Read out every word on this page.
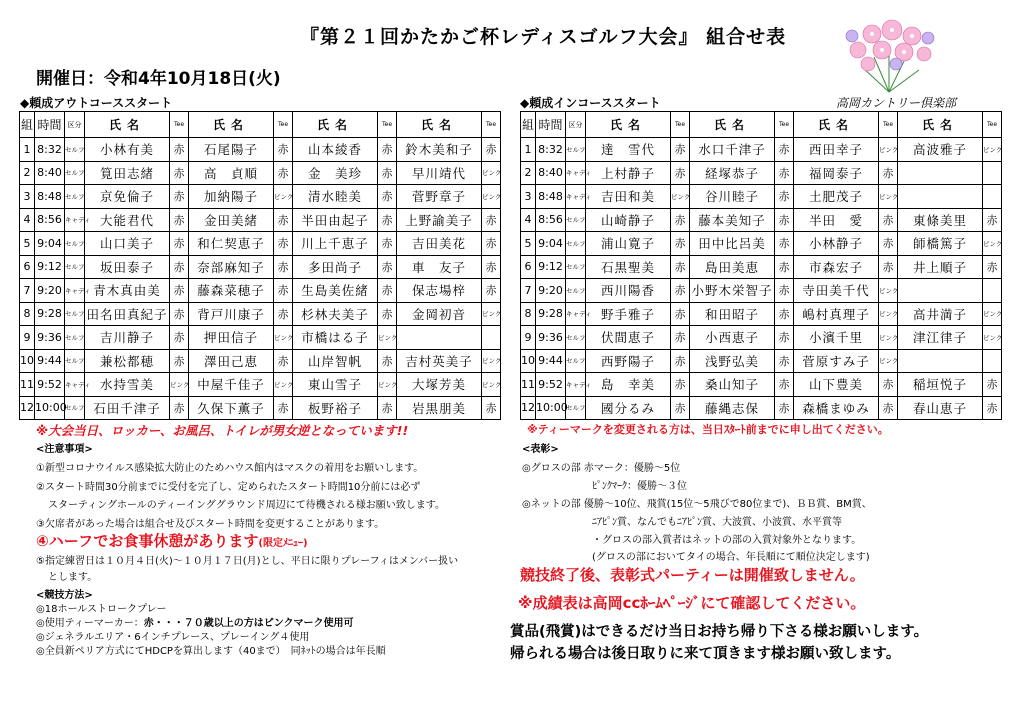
『第２１回かたかご杯レディスゴルフ大会』 組合せ表
開催日：令和4年10月18日(火)
◆頼成アウトコーススタート	◆頼成インコーススタート	高岡カントリー倶楽部
組	時間	区分	氏名	Tee	氏名	Tee	氏名	Tee	氏名	Tee
1	8:32	セルフ	小林有美	赤	石尾陽子	赤	山本綾香	赤	鈴木美和子	赤
2	8:40	セルフ	筧田志緒	赤	高　貞順	赤	金　美珍	赤	早川靖代	ピンク
3	8:48	セルフ	京免倫子	赤	加納陽子	ピンク	清水睦美	赤	菅野章子	ピンク
4	8:56	キャディ	大能君代	赤	金田美緒	赤	半田由起子	赤	上野諭美子	赤
5	9:04	セルフ	山口美子	赤	和仁契恵子	赤	川上千恵子	赤	吉田美花	赤
6	9:12	セルフ	坂田泰子	赤	奈部麻知子	赤	多田尚子	赤	車　友子	赤
7	9:20	キャディ	青木真由美	赤	藤森菜穂子	赤	生島美佐緒	赤	保志場梓	赤
8	9:28	セルフ	田名田真紀子	赤	背戸川康子	赤	杉林夫美子	赤	金岡初音	ピンク
9	9:36	セルフ	吉川静子	赤	押田信子	ピンク	市橋はる子	ピンク		
10	9:44	セルフ	兼松都穂	赤	澤田己恵	赤	山岸智帆	赤	吉村英美子	ピンク
11	9:52	キャディ	水持雪美	ピンク	中屋千佳子	ピンク	東山雪子	ピンク	大塚芳美	ピンク
12	10:00	セルフ	石田千津子	赤	久保下薫子	赤	板野裕子	赤	岩黒朋美	赤
組	時間	区分	氏名	Tee	氏名	Tee	氏名	Tee	氏名	Tee
1	8:32	セルフ	達　雪代	赤	水口千津子	赤	西田幸子	ピンク	高波雅子	ピンク
2	8:40	キャディ	上村静子	赤	経塚恭子	赤	福岡泰子	赤		
3	8:48	キャディ	吉田和美	ピンク	谷川睦子	赤	土肥茂子	ピンク		
4	8:56	セルフ	山崎静子	赤	藤本美知子	赤	半田　愛	赤	東條美里	赤
5	9:04	セルフ	浦山寛子	赤	田中比呂美	赤	小林静子	赤	師橋篤子	ピンク
6	9:12	セルフ	石黒聖美	赤	島田美恵	赤	市森宏子	赤	井上順子	赤
7	9:20	セルフ	西川陽香	赤	小野木栄智子	赤	寺田美千代	ピンク		
8	9:28	キャディ	野手雅子	赤	和田昭子	赤	嶋村真理子	ピンク	高井満子	ピンク
9	9:36	セルフ	伏間恵子	赤	小西恵子	赤	小濱千里	ピンク	津江律子	ピンク
10	9:44	セルフ	西野陽子	赤	浅野弘美	赤	菅原すみ子	ピンク		
11	9:52	キャディ	島　幸美	赤	桑山知子	赤	山下豊美	赤	稲垣悦子	赤
12	10:00	セルフ	國分るみ	赤	藤縄志保	赤	森橋まゆみ	赤	春山恵子	赤
※大会当日、ロッカー、お風呂、トイレが男女逆となっています!!
<注意事項>
①新型コロナウイルス感染拡大防止のためハウス館内はマスクの着用をお願いします。
②スタート時間30分前までに受付を完了し、定められたスタート時間10分前には必ず
スターティングホールのティーインググラウンド周辺にて待機される様お願い致します。
③欠席者があった場合は組合せ及びスタート時間を変更することがあります。
④ハーフでお食事休憩があります(限定ﾒﾆｭｰ)
⑤指定練習日は１０月４日(火)〜１０月１７日(月)とし、平日に限りプレーフィはメンバー扱い
とします。
<競技方法>
◎18ホールストロークプレー
◎使用ティーマーカー：赤・・・７０歳以上の方はピンクマーク使用可
◎ジェネラルエリア・6インチプレース、プレーイング４使用
◎全員新ペリア方式にてHDCPを算出します（40まで）　同ﾈｯﾄの場合は年長順
※ティーマークを変更される方は、当日ｽﾀｰﾄ前までに申し出てください。
<表彰>
◎グロスの部 赤マーク：優勝〜5位
ﾋﾟﾝｸﾏｰｸ：優勝〜３位
◎ネットの部 優勝〜10位、飛賞(15位〜5飛びで80位まで)、ＢＢ賞、BM賞、
ﾆｱﾋﾟﾝ賞、なんでもﾆｱﾋﾟﾝ賞、大波賞、小波賞、水平賞等
・グロスの部入賞者はネットの部の入賞対象外となります。
(グロスの部においてタイの場合、年長順にて順位決定します)
競技終了後、表彰式パーティーは開催致しません。
※成績表は高岡ccﾎｰﾑﾍﾟｰｼﾞにて確認してください。
賞品(飛賞)はできるだけ当日お持ち帰り下さる様お願いします。
帰られる場合は後日取りに来て頂きます様お願い致します。
